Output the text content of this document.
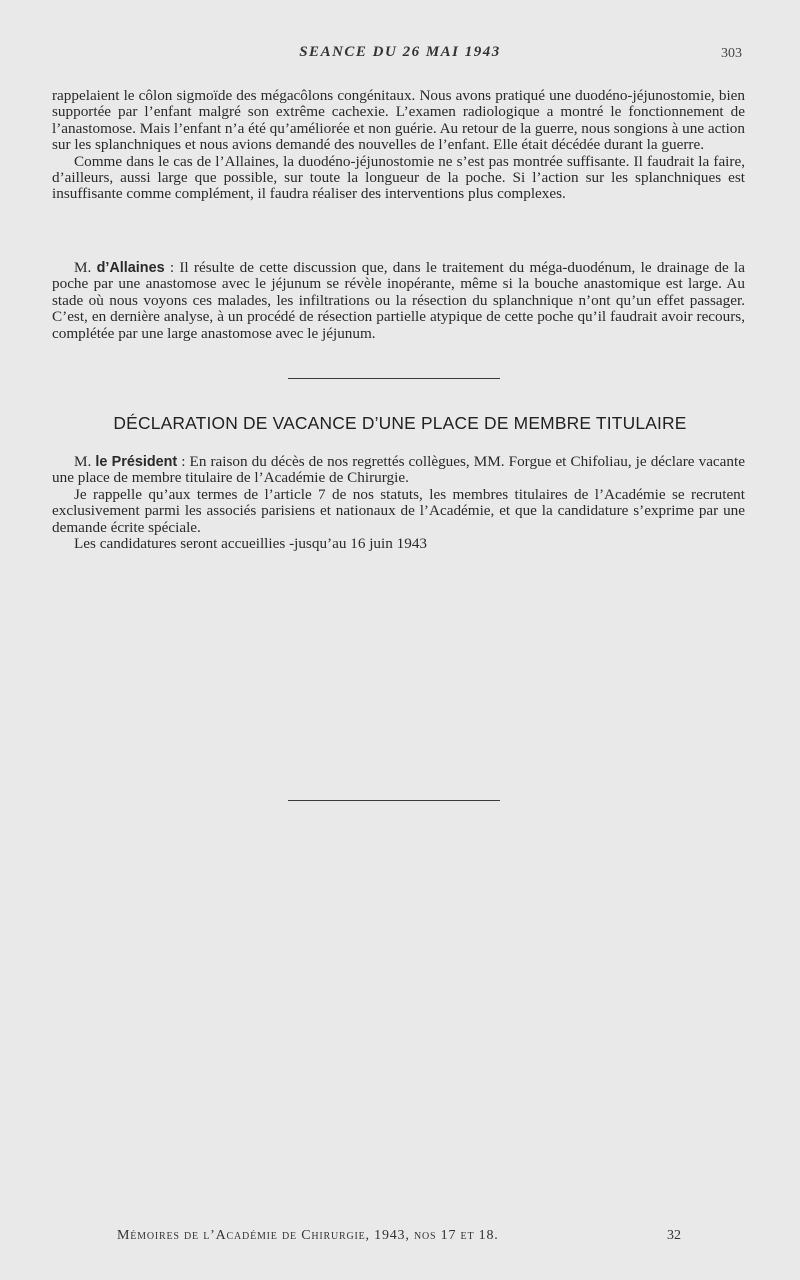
SEANCE DU 26 MAI 1943	303

rappelaient le côlon sigmoïde des mégacôlons congénitaux. Nous avons pratiqué une duodéno-jéjunostomie, bien supportée par l’enfant malgré son extrême cachexie. L’examen radiologique a montré le fonctionnement de l’anastomose. Mais l’enfant n’a été qu’améliorée et non guérie. Au retour de la guerre, nous songions à une action sur les splanchniques et nous avions demandé des nouvelles de l’enfant. Elle était décédée durant la guerre.

Comme dans le cas de l’Allaines, la duodéno-jéjunostomie ne s’est pas montrée suffisante. Il faudrait la faire, d’ailleurs, aussi large que possible, sur toute la longueur de la poche. Si l’action sur les splanchniques est insuffisante comme complément, il faudra réaliser des interventions plus complexes.

M. d’Allaines : Il résulte de cette discussion que, dans le traitement du méga-duodénum, le drainage de la poche par une anastomose avec le jéjunum se révèle inopérante, même si la bouche anastomique est large. Au stade où nous voyons ces malades, les infiltrations ou la résection du splanchnique n’ont qu’un effet passager. C’est, en dernière analyse, à un procédé de résection partielle atypique de cette poche qu’il faudrait avoir recours, complétée par une large anastomose avec le jéjunum.

DÉCLARATION DE VACANCE D’UNE PLACE DE MEMBRE TITULAIRE

M. le Président : En raison du décès de nos regrettés collègues, MM. Forgue et Chifoliau, je déclare vacante une place de membre titulaire de l’Académie de Chirurgie.

Je rappelle qu’aux termes de l’article 7 de nos statuts, les membres titulaires de l’Académie se recrutent exclusivement parmi les associés parisiens et nationaux de l’Académie, et que la candidature s’exprime par une demande écrite spéciale.

Les candidatures seront accueillies -jusqu’au 16 juin 1943

Mémoires de l’Académie de Chirurgie, 1943, nos 17 et 18.	32
